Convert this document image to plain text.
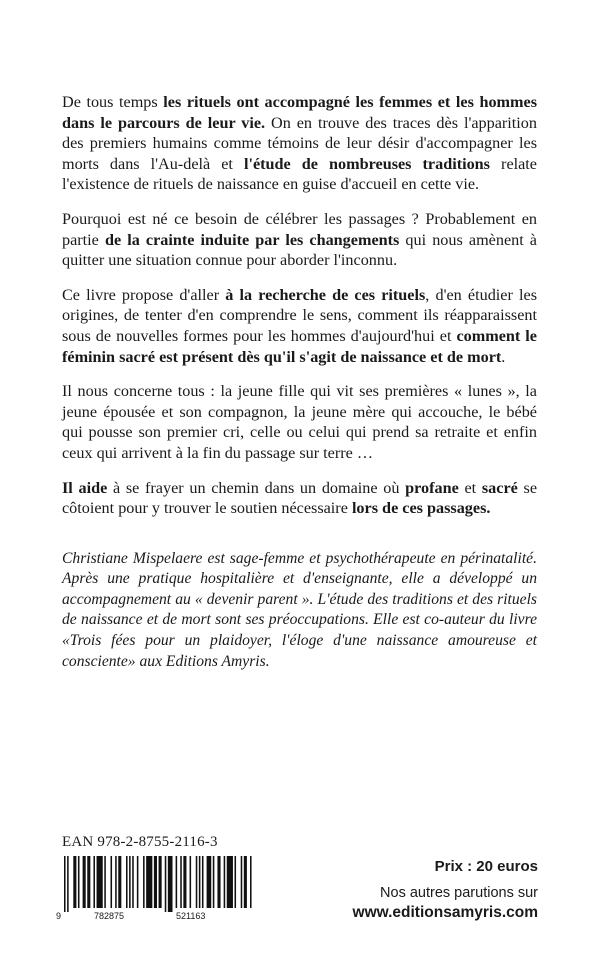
De tous temps les rituels ont accompagné les femmes et les hommes dans le parcours de leur vie. On en trouve des traces dès l'apparition des premiers humains comme témoins de leur désir d'accompagner les morts dans l'Au-delà et l'étude de nombreuses traditions relate l'existence de rituels de naissance en guise d'accueil en cette vie.

Pourquoi est né ce besoin de célébrer les passages ? Probablement en partie de la crainte induite par les changements qui nous amènent à quitter une situation connue pour aborder l'inconnu.

Ce livre propose d'aller à la recherche de ces rituels, d'en étudier les origines, de tenter d'en comprendre le sens, comment ils réapparaissent sous de nouvelles formes pour les hommes d'aujourd'hui et comment le féminin sacré est présent dès qu'il s'agit de naissance et de mort.

Il nous concerne tous : la jeune fille qui vit ses premières « lunes », la jeune épousée et son compagnon, la jeune mère qui accouche, le bébé qui pousse son premier cri, celle ou celui qui prend sa retraite et enfin ceux qui arrivent à la fin du passage sur terre …

Il aide à se frayer un chemin dans un domaine où profane et sacré se côtoient pour y trouver le soutien nécessaire lors de ces passages.

Christiane Mispelaere est sage-femme et psychothérapeute en périnatalité. Après une pratique hospitalière et d'enseignante, elle a développé un accompagnement au « devenir parent ». L'étude des traditions et des rituels de naissance et de mort sont ses préoccupations. Elle est co-auteur du livre «Trois fées pour un plaidoyer, l'éloge d'une naissance amoureuse et consciente» aux Editions Amyris.

EAN 978-2-8755-2116-3
9	782875	521163
Prix : 20 euros
Nos autres parutions sur
www.editionsamyris.com
